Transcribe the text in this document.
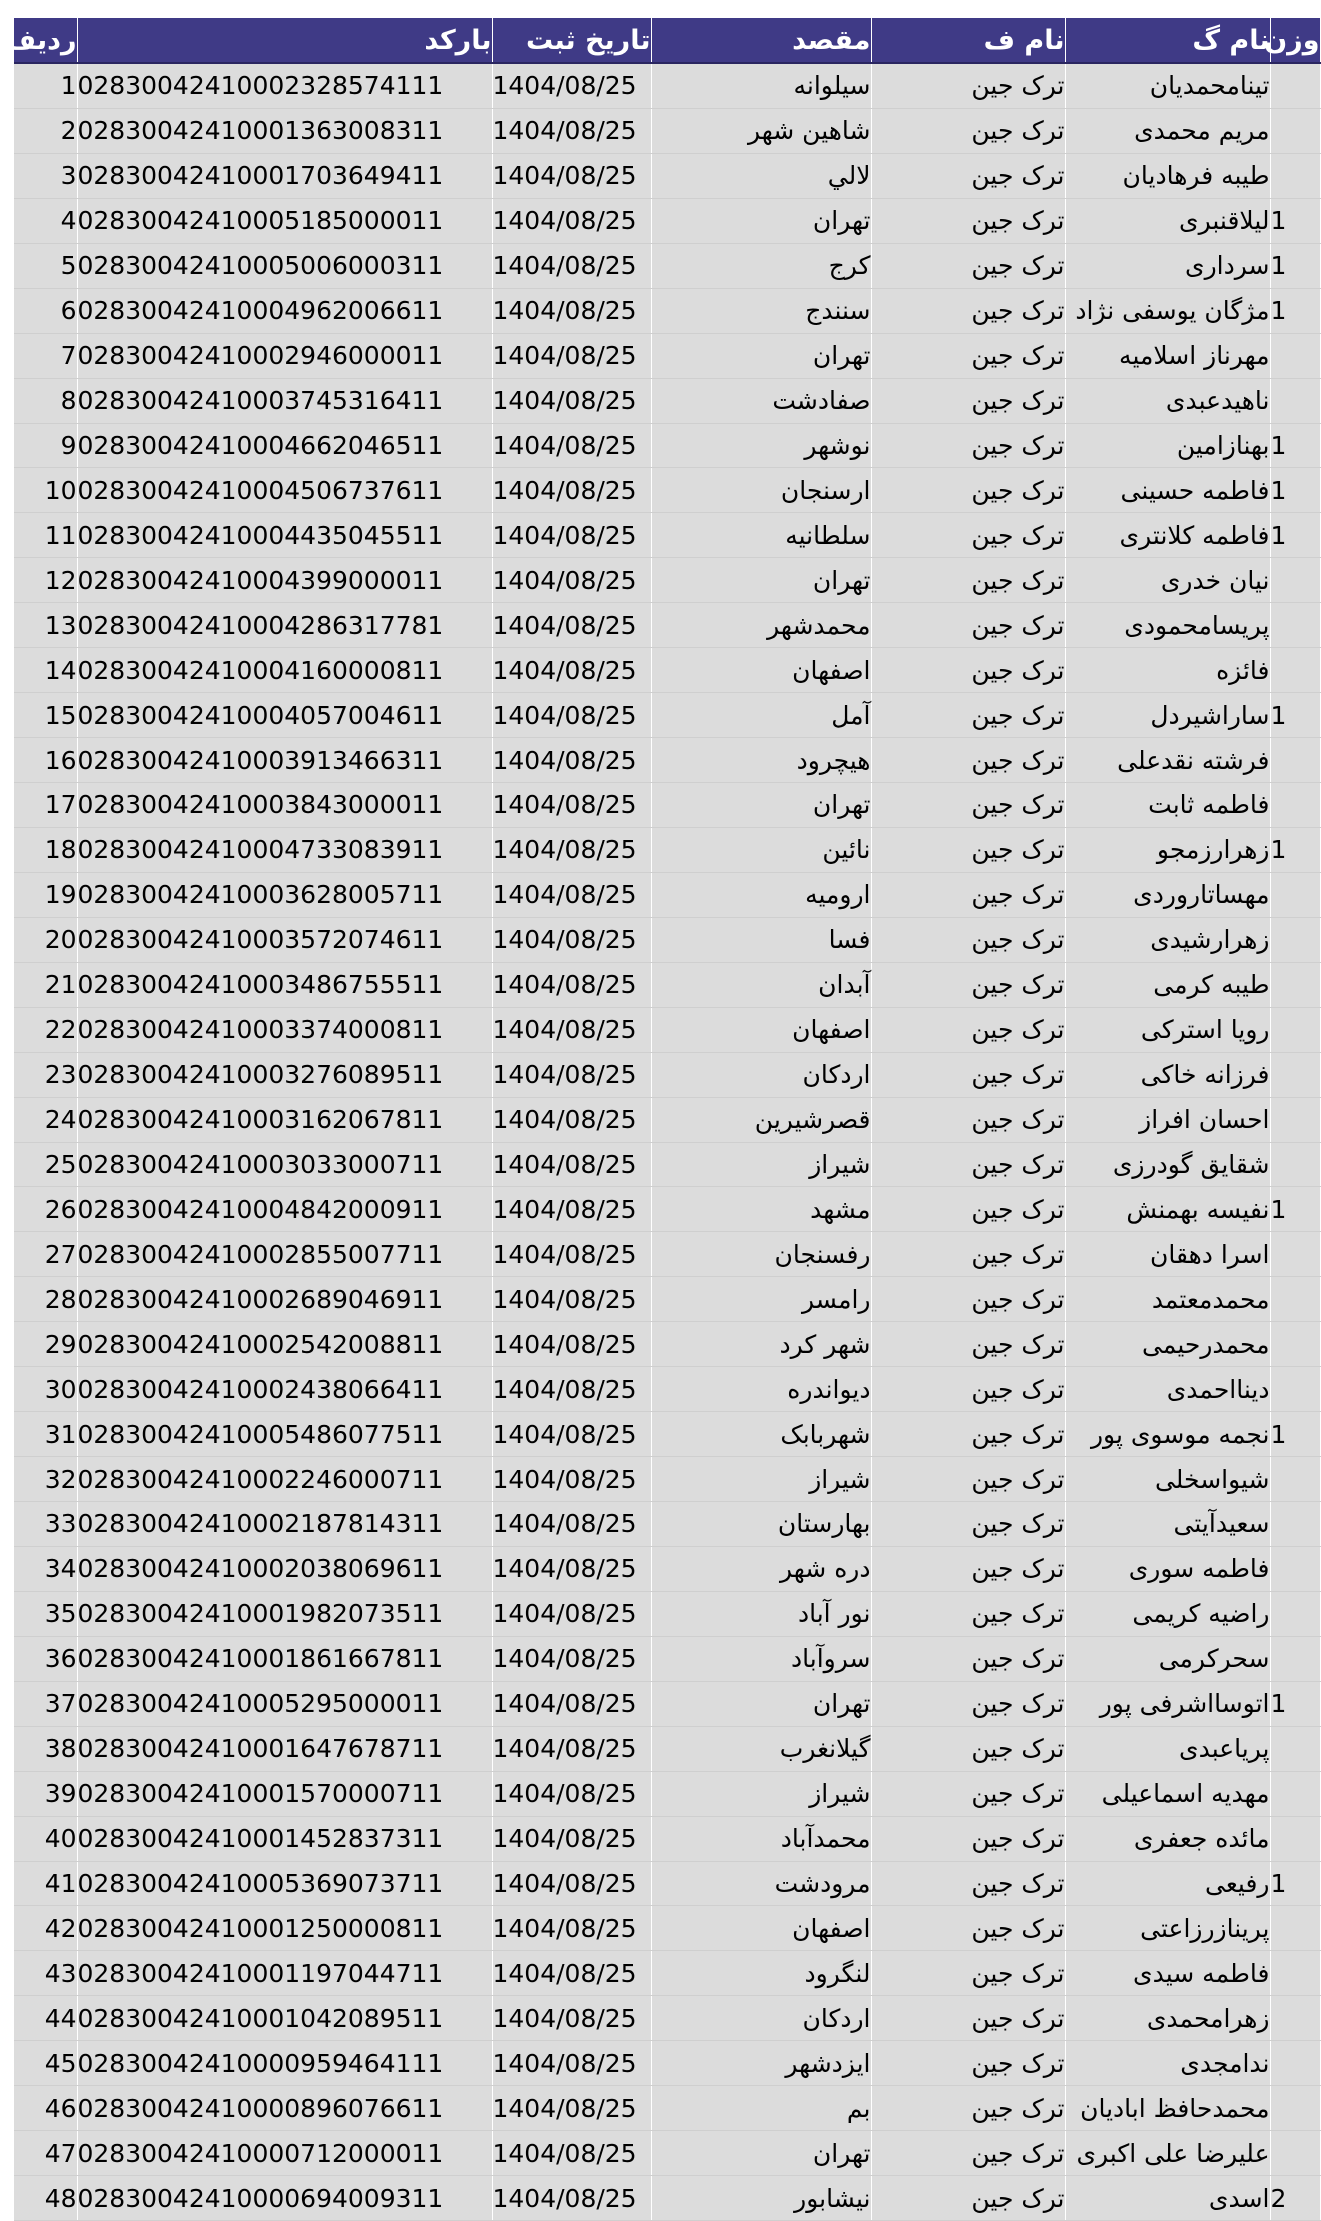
ردیف	بارکد	تاریخ ثبت	مقصد	نام ف	نام گ	وزن
1	02830042410002328574111	1404/08/25	سیلوانه	ترک جین	تینامحمدیان	
2	02830042410001363008311	1404/08/25	شاهین شهر	ترک جین	مریم محمدی	
3	02830042410001703649411	1404/08/25	لالي	ترک جین	طیبه فرهادیان	
4	02830042410005185000011	1404/08/25	تهران	ترک جین	لیلاقنبری	1
5	02830042410005006000311	1404/08/25	کرج	ترک جین	سرداری	1
6	02830042410004962006611	1404/08/25	سنندج	ترک جین	مژگان یوسفی نژاد	1
7	02830042410002946000011	1404/08/25	تهران	ترک جین	مهرناز اسلامیه	
8	02830042410003745316411	1404/08/25	صفادشت	ترک جین	ناهیدعبدی	
9	02830042410004662046511	1404/08/25	نوشهر	ترک جین	بهنازامین	1
10	02830042410004506737611	1404/08/25	ارسنجان	ترک جین	فاطمه حسینی	1
11	02830042410004435045511	1404/08/25	سلطانیه	ترک جین	فاطمه کلانتری	1
12	02830042410004399000011	1404/08/25	تهران	ترک جین	نیان خدری	
13	02830042410004286317781	1404/08/25	محمدشهر	ترک جین	پریسامحمودی	
14	02830042410004160000811	1404/08/25	اصفهان	ترک جین	فائزه	
15	02830042410004057004611	1404/08/25	آمل	ترک جین	ساراشیردل	1
16	02830042410003913466311	1404/08/25	هیچرود	ترک جین	فرشته نقدعلی	
17	02830042410003843000011	1404/08/25	تهران	ترک جین	فاطمه ثابت	
18	02830042410004733083911	1404/08/25	نائین	ترک جین	زهرارزمجو	1
19	02830042410003628005711	1404/08/25	ارومیه	ترک جین	مهساتاروردی	
20	02830042410003572074611	1404/08/25	فسا	ترک جین	زهرارشیدی	
21	02830042410003486755511	1404/08/25	آبدان	ترک جین	طیبه کرمی	
22	02830042410003374000811	1404/08/25	اصفهان	ترک جین	رویا استرکی	
23	02830042410003276089511	1404/08/25	اردکان	ترک جین	فرزانه خاکی	
24	02830042410003162067811	1404/08/25	قصرشیرین	ترک جین	احسان افراز	
25	02830042410003033000711	1404/08/25	شیراز	ترک جین	شقایق گودرزی	
26	02830042410004842000911	1404/08/25	مشهد	ترک جین	نفیسه بهمنش	1
27	02830042410002855007711	1404/08/25	رفسنجان	ترک جین	اسرا دهقان	
28	02830042410002689046911	1404/08/25	رامسر	ترک جین	محمدمعتمد	
29	02830042410002542008811	1404/08/25	شهر کرد	ترک جین	محمدرحیمی	
30	02830042410002438066411	1404/08/25	دیواندره	ترک جین	دینااحمدی	
31	02830042410005486077511	1404/08/25	شهربابک	ترک جین	نجمه موسوی پور	1
32	02830042410002246000711	1404/08/25	شیراز	ترک جین	شیواسخلی	
33	02830042410002187814311	1404/08/25	بهارستان	ترک جین	سعیدآیتی	
34	02830042410002038069611	1404/08/25	دره شهر	ترک جین	فاطمه سوری	
35	02830042410001982073511	1404/08/25	نور آباد	ترک جین	راضیه کریمی	
36	02830042410001861667811	1404/08/25	سروآباد	ترک جین	سحرکرمی	
37	02830042410005295000011	1404/08/25	تهران	ترک جین	اتوسااشرفی پور	1
38	02830042410001647678711	1404/08/25	گیلانغرب	ترک جین	پریاعبدی	
39	02830042410001570000711	1404/08/25	شیراز	ترک جین	مهدیه اسماعیلی	
40	02830042410001452837311	1404/08/25	محمدآباد	ترک جین	مائده جعفری	
41	02830042410005369073711	1404/08/25	مرودشت	ترک جین	رفیعی	1
42	02830042410001250000811	1404/08/25	اصفهان	ترک جین	پرینازرزاعتی	
43	02830042410001197044711	1404/08/25	لنگرود	ترک جین	فاطمه سیدی	
44	02830042410001042089511	1404/08/25	اردکان	ترک جین	زهرامحمدی	
45	02830042410000959464111	1404/08/25	ایزدشهر	ترک جین	ندامجدی	
46	02830042410000896076611	1404/08/25	بم	ترک جین	محمدحافظ ابادیان	
47	02830042410000712000011	1404/08/25	تهران	ترک جین	علیرضا علی اکبری	
48	02830042410000694009311	1404/08/25	نیشابور	ترک جین	اسدی	2
